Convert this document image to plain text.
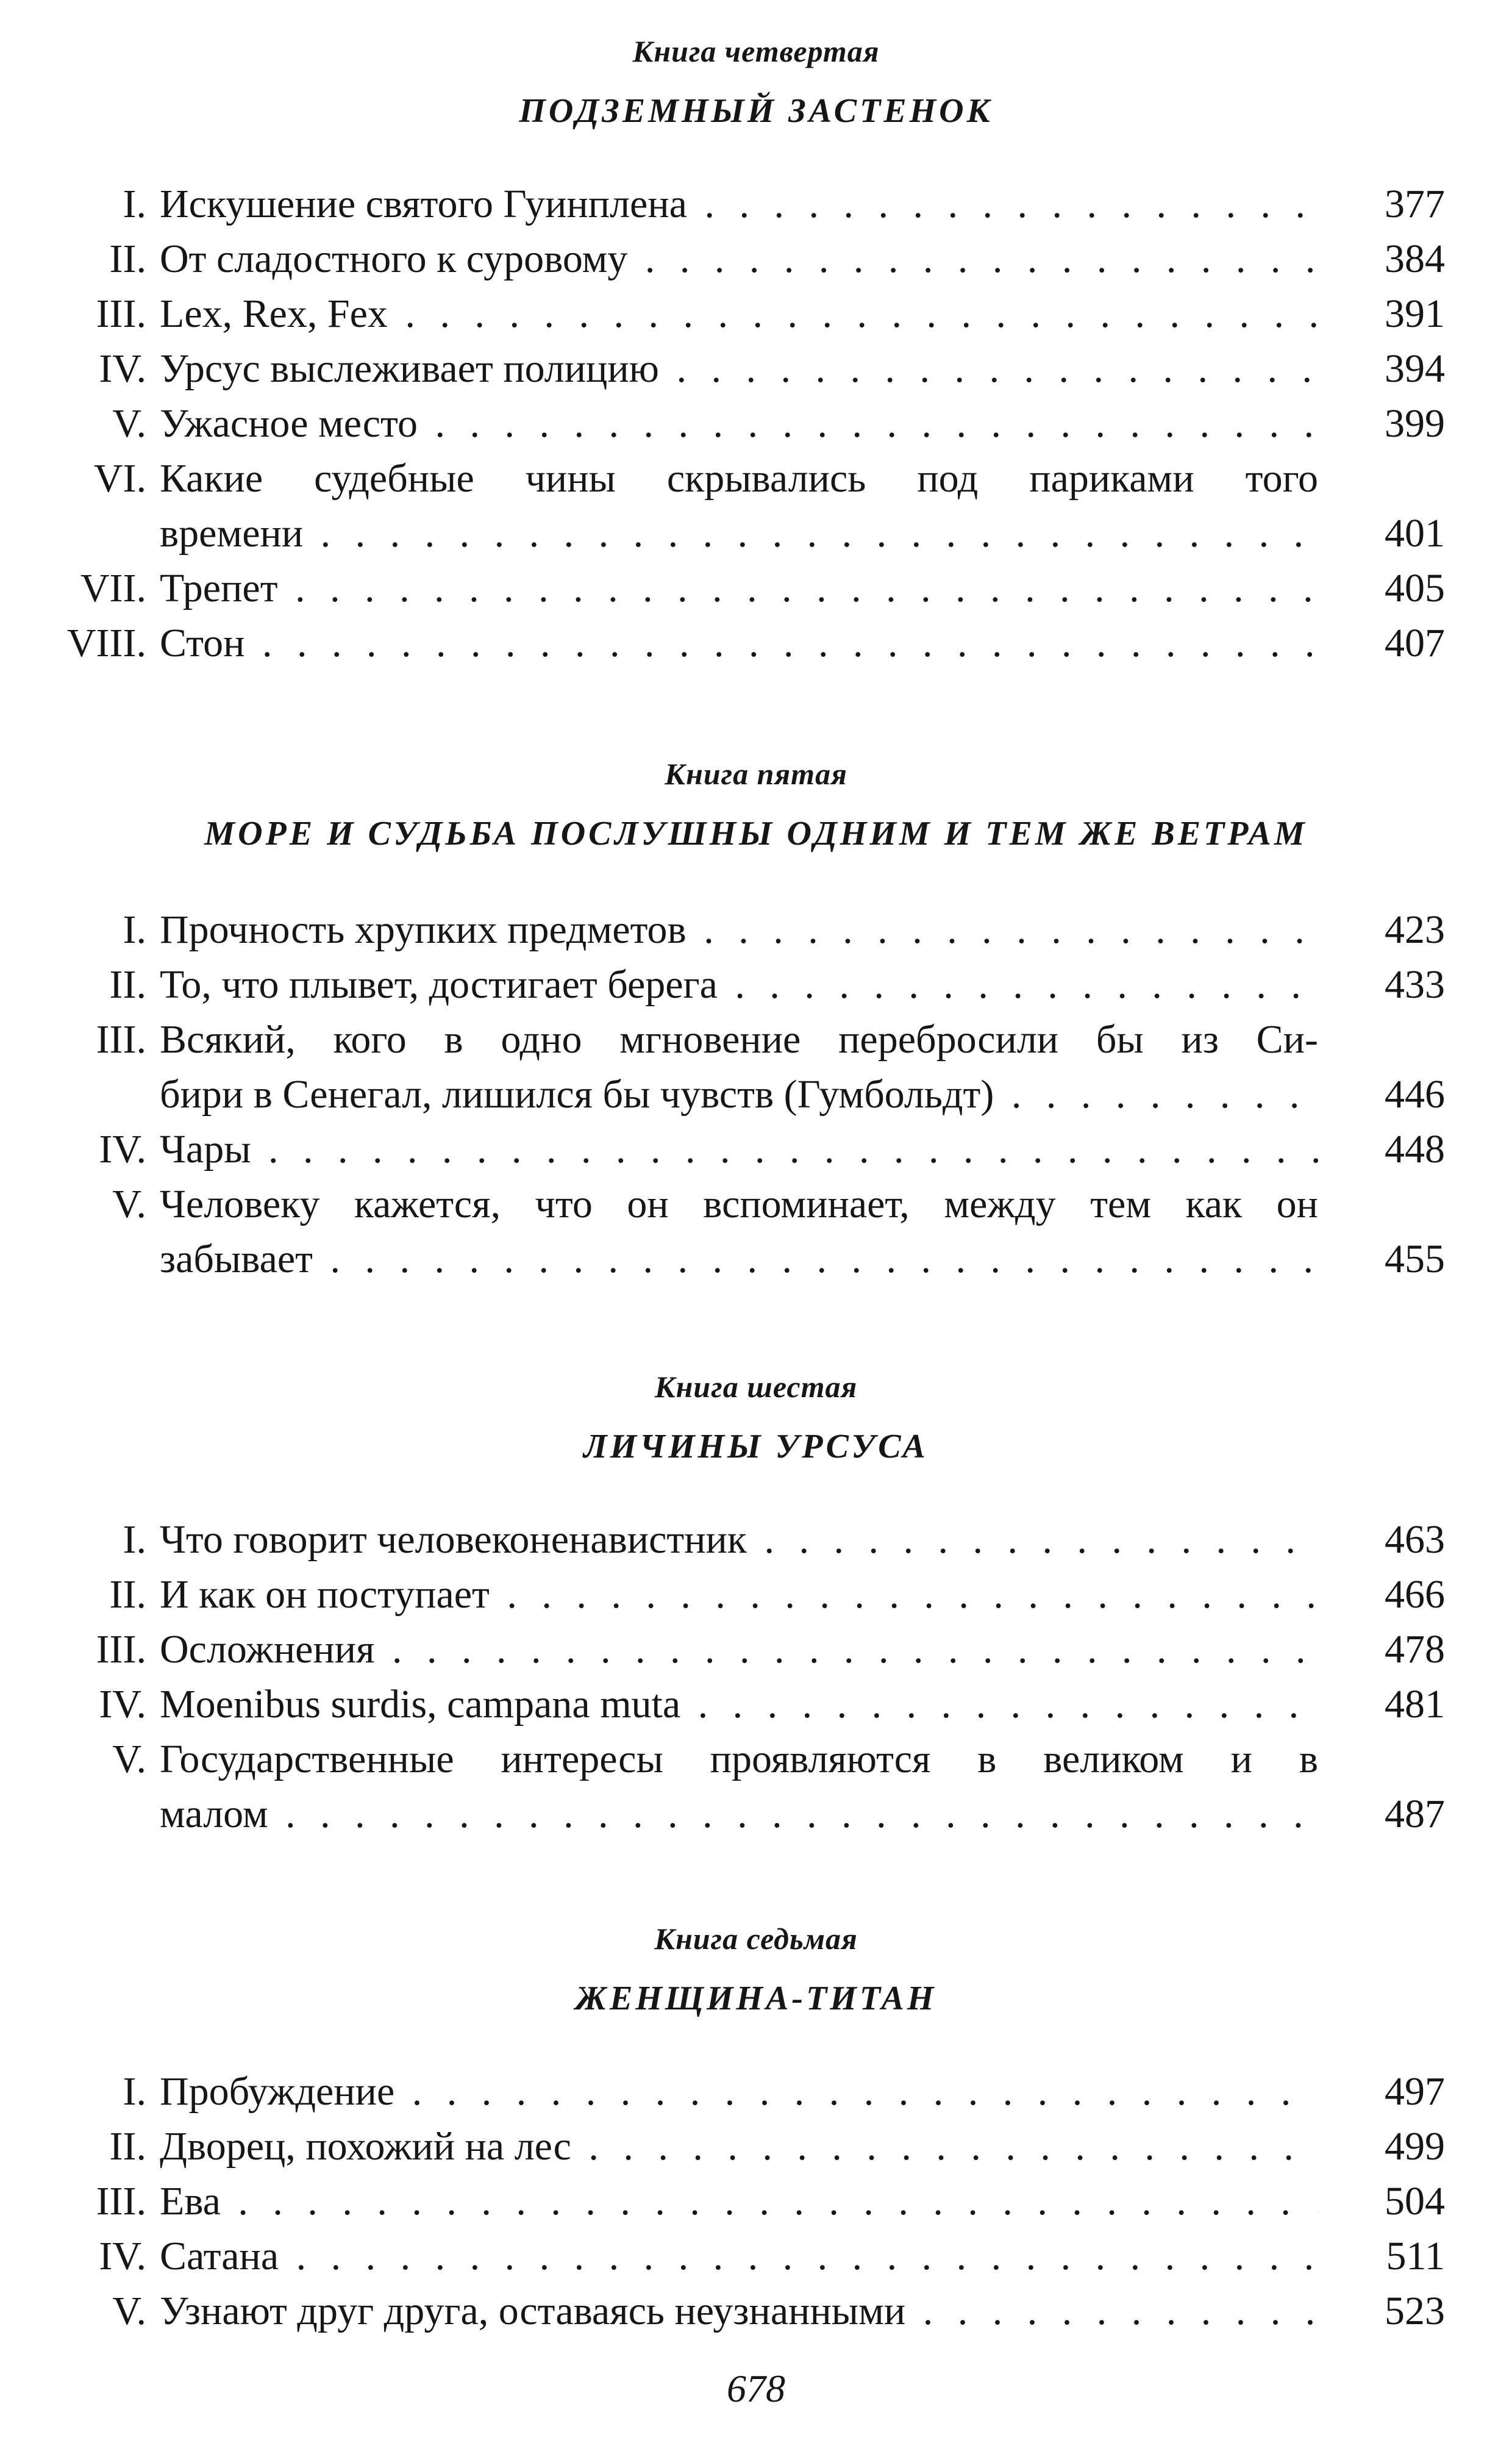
678
Книга четвертая
ПОДЗЕМНЫЙ ЗАСТЕНОК
I. Искушение святого Гуинплена . . .	377
II. От сладостного к суровому . . .	384
III. Lex, Rex, Fex . . .	391
IV. Урсус выслеживает полицию . . .	394
V. Ужасное место . . .	399
VI. Какие судебные чины скрывались под париками того
времени . . .	401
VII. Трепет . . .	405
VIII. Стон . . .	407
Книга пятая
МОРЕ И СУДЬБА ПОСЛУШНЫ ОДНИМ И ТЕМ ЖЕ ВЕТРАМ
I. Прочность хрупких предметов . . .	423
II. То, что плывет, достигает берега . . .	433
III. Всякий, кого в одно мгновение перебросили бы из Си-
бири в Сенегал, лишился бы чувств (Гумбольдт) . . .	446
IV. Чары . . .	448
V. Человеку кажется, что он вспоминает, между тем как он
забывает . . .	455
Книга шестая
ЛИЧИНЫ УРСУСА
I. Что говорит человеконенавистник . . .	463
II. И как он поступает . . .	466
III. Осложнения . . .	478
IV. Moenibus surdis, campana muta . . .	481
V. Государственные интересы проявляются в великом и в
малом . . .	487
Книга седьмая
ЖЕНЩИНА-ТИТАН
I. Пробуждение . . .	497
II. Дворец, похожий на лес . . .	499
III. Ева . . .	504
IV. Сатана . . .	511
V. Узнают друг друга, оставаясь неузнанными . . .	523
